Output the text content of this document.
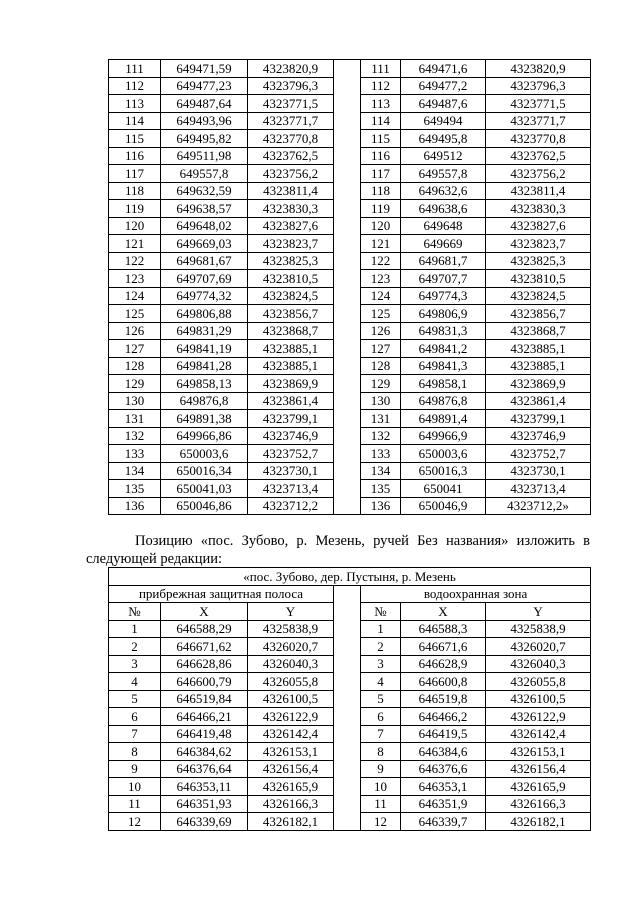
111	649471,59	4323820,9		111	649471,6	4323820,9
112	649477,23	4323796,3		112	649477,2	4323796,3
113	649487,64	4323771,5		113	649487,6	4323771,5
114	649493,96	4323771,7		114	649494	4323771,7
115	649495,82	4323770,8		115	649495,8	4323770,8
116	649511,98	4323762,5		116	649512	4323762,5
117	649557,8	4323756,2		117	649557,8	4323756,2
118	649632,59	4323811,4		118	649632,6	4323811,4
119	649638,57	4323830,3		119	649638,6	4323830,3
120	649648,02	4323827,6		120	649648	4323827,6
121	649669,03	4323823,7		121	649669	4323823,7
122	649681,67	4323825,3		122	649681,7	4323825,3
123	649707,69	4323810,5		123	649707,7	4323810,5
124	649774,32	4323824,5		124	649774,3	4323824,5
125	649806,88	4323856,7		125	649806,9	4323856,7
126	649831,29	4323868,7		126	649831,3	4323868,7
127	649841,19	4323885,1		127	649841,2	4323885,1
128	649841,28	4323885,1		128	649841,3	4323885,1
129	649858,13	4323869,9		129	649858,1	4323869,9
130	649876,8	4323861,4		130	649876,8	4323861,4
131	649891,38	4323799,1		131	649891,4	4323799,1
132	649966,86	4323746,9		132	649966,9	4323746,9
133	650003,6	4323752,7		133	650003,6	4323752,7
134	650016,34	4323730,1		134	650016,3	4323730,1
135	650041,03	4323713,4		135	650041	4323713,4
136	650046,86	4323712,2		136	650046,9	4323712,2»

Позицию «пос. Зубово, р. Мезень, ручей Без названия» изложить в следующей редакции:

«пос. Зубово, дер. Пустыня, р. Мезень						
прибрежная защитная полоса				водоохранная зона		
№	X	Y		№	X	Y
1	646588,29	4325838,9		1	646588,3	4325838,9
2	646671,62	4326020,7		2	646671,6	4326020,7
3	646628,86	4326040,3		3	646628,9	4326040,3
4	646600,79	4326055,8		4	646600,8	4326055,8
5	646519,84	4326100,5		5	646519,8	4326100,5
6	646466,21	4326122,9		6	646466,2	4326122,9
7	646419,48	4326142,4		7	646419,5	4326142,4
8	646384,62	4326153,1		8	646384,6	4326153,1
9	646376,64	4326156,4		9	646376,6	4326156,4
10	646353,11	4326165,9		10	646353,1	4326165,9
11	646351,93	4326166,3		11	646351,9	4326166,3
12	646339,69	4326182,1		12	646339,7	4326182,1
